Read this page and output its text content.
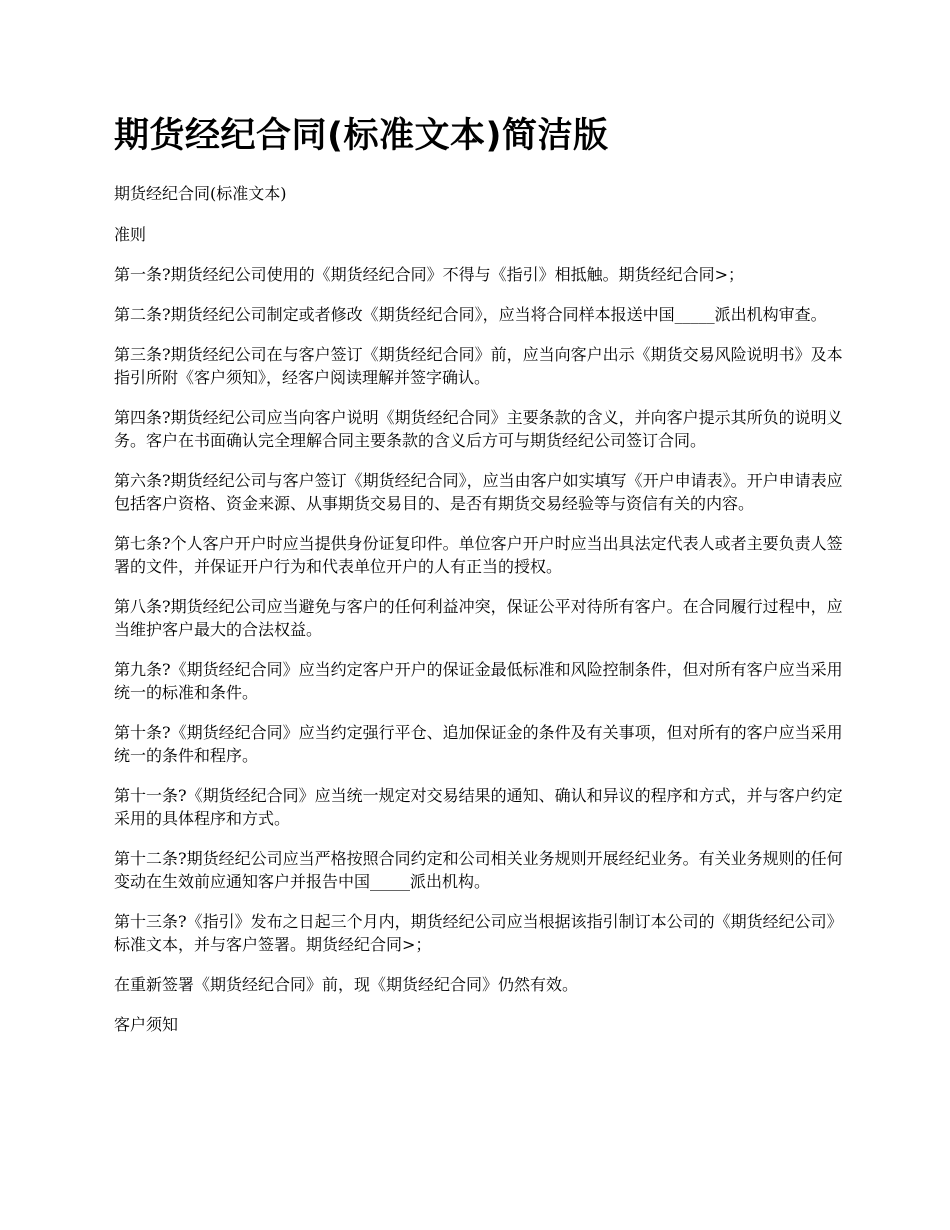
期货经纪合同(标准文本)简洁版

期货经纪合同(标准文本)

准则

第一条?期货经纪公司使用的《期货经纪合同》不得与《指引》相抵触。期货经纪合同>；

第二条?期货经纪公司制定或者修改《期货经纪合同》，应当将合同样本报送中国_____派出机构审查。

第三条?期货经纪公司在与客户签订《期货经纪合同》前，应当向客户出示《期货交易风险说明书》及本指引所附《客户须知》，经客户阅读理解并签字确认。

第四条?期货经纪公司应当向客户说明《期货经纪合同》主要条款的含义，并向客户提示其所负的说明义务。客户在书面确认完全理解合同主要条款的含义后方可与期货经纪公司签订合同。

第六条?期货经纪公司与客户签订《期货经纪合同》，应当由客户如实填写《开户申请表》。开户申请表应包括客户资格、资金来源、从事期货交易目的、是否有期货交易经验等与资信有关的内容。

第七条?个人客户开户时应当提供身份证复印件。单位客户开户时应当出具法定代表人或者主要负责人签署的文件，并保证开户行为和代表单位开户的人有正当的授权。

第八条?期货经纪公司应当避免与客户的任何利益冲突，保证公平对待所有客户。在合同履行过程中，应当维护客户最大的合法权益。

第九条?《期货经纪合同》应当约定客户开户的保证金最低标准和风险控制条件，但对所有客户应当采用统一的标准和条件。

第十条?《期货经纪合同》应当约定强行平仓、追加保证金的条件及有关事项，但对所有的客户应当采用统一的条件和程序。

第十一条?《期货经纪合同》应当统一规定对交易结果的通知、确认和异议的程序和方式，并与客户约定采用的具体程序和方式。

第十二条?期货经纪公司应当严格按照合同约定和公司相关业务规则开展经纪业务。有关业务规则的任何变动在生效前应通知客户并报告中国_____派出机构。

第十三条?《指引》发布之日起三个月内，期货经纪公司应当根据该指引制订本公司的《期货经纪公司》标准文本，并与客户签署。期货经纪合同>；

在重新签署《期货经纪合同》前，现《期货经纪合同》仍然有效。

客户须知
